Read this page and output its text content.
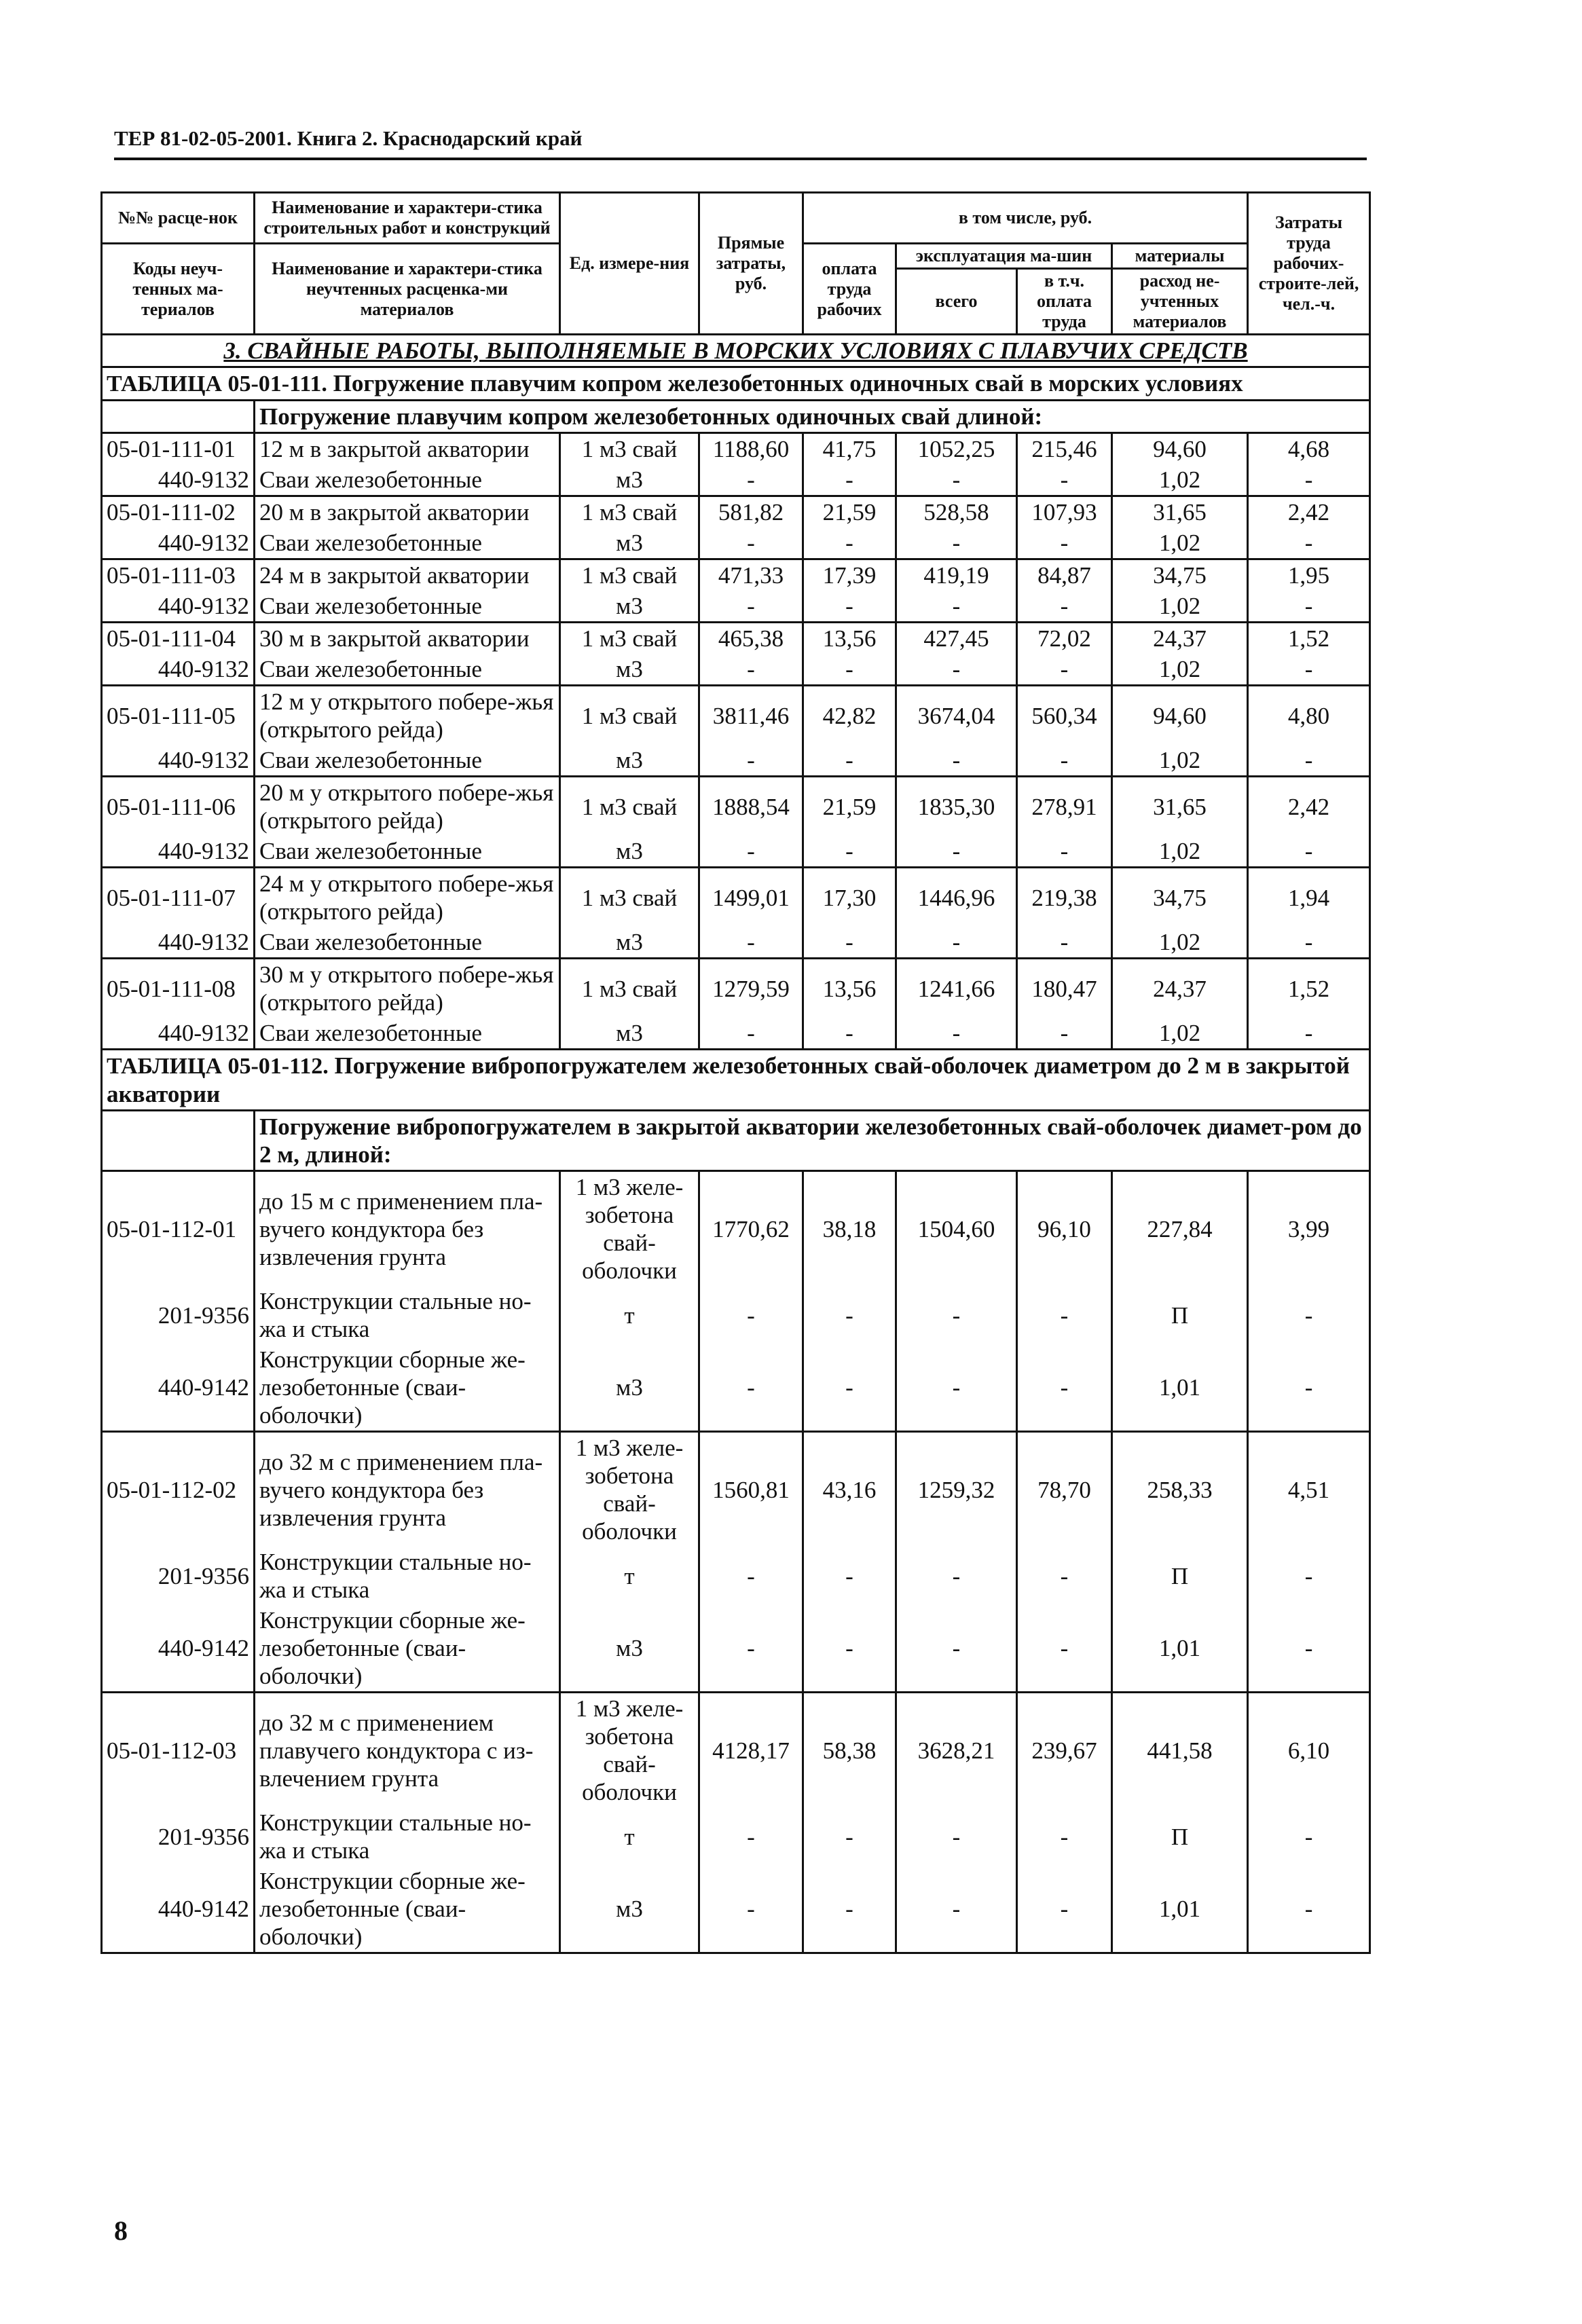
ТЕР 81-02-05-2001. Книга 2. Краснодарский край
№№ расце-нок	Наименование и характери-стика строительных работ и конструкций	Ед. измере-ния	Прямые затраты, руб.	в том числе, руб.				Затраты труда рабочих-строите-лей, чел.-ч.
Коды неуч-тенных ма-териалов	Наименование и характери-стика неучтенных расценка-ми материалов			оплата труда рабочих	эксплуатация ма-шин		материалы	
					всего	в т.ч. оплата труда		
							расход не-учтенных материалов	
3. СВАЙНЫЕ РАБОТЫ, ВЫПОЛНЯЕМЫЕ В МОРСКИХ УСЛОВИЯХ С ПЛАВУЧИХ СРЕДСТВ								
ТАБЛИЦА 05-01-111. Погружение плавучим копром железобетонных одиночных свай в морских условиях								
	Погружение плавучим копром железобетонных одиночных свай длиной:							
05-01-111-01	12 м в закрытой акватории	1 м3 свай	1188,60	41,75	1052,25	215,46	94,60	4,68
440-9132	Сваи железобетонные	м3	-	-	-	-	1,02	-
05-01-111-02	20 м в закрытой акватории	1 м3 свай	581,82	21,59	528,58	107,93	31,65	2,42
440-9132	Сваи железобетонные	м3	-	-	-	-	1,02	-
05-01-111-03	24 м в закрытой акватории	1 м3 свай	471,33	17,39	419,19	84,87	34,75	1,95
440-9132	Сваи железобетонные	м3	-	-	-	-	1,02	-
05-01-111-04	30 м в закрытой акватории	1 м3 свай	465,38	13,56	427,45	72,02	24,37	1,52
440-9132	Сваи железобетонные	м3	-	-	-	-	1,02	-
05-01-111-05	12 м у открытого побере-жья (открытого рейда)	1 м3 свай	3811,46	42,82	3674,04	560,34	94,60	4,80
440-9132	Сваи железобетонные	м3	-	-	-	-	1,02	-
05-01-111-06	20 м у открытого побере-жья (открытого рейда)	1 м3 свай	1888,54	21,59	1835,30	278,91	31,65	2,42
440-9132	Сваи железобетонные	м3	-	-	-	-	1,02	-
05-01-111-07	24 м у открытого побере-жья (открытого рейда)	1 м3 свай	1499,01	17,30	1446,96	219,38	34,75	1,94
440-9132	Сваи железобетонные	м3	-	-	-	-	1,02	-
05-01-111-08	30 м у открытого побере-жья (открытого рейда)	1 м3 свай	1279,59	13,56	1241,66	180,47	24,37	1,52
440-9132	Сваи железобетонные	м3	-	-	-	-	1,02	-
ТАБЛИЦА 05-01-112. Погружение вибропогружателем железобетонных свай-оболочек диаметром до 2 м в закрытой акватории								
	Погружение вибропогружателем в закрытой акватории железобетонных свай-оболочек диамет-ром до 2 м, длиной:							
05-01-112-01	до 15 м с применением пла-вучего кондуктора без извлечения грунта	1 м3 желе-зобетона свай-оболочки	1770,62	38,18	1504,60	96,10	227,84	3,99
201-9356	Конструкции стальные но-жа и стыка	т	-	-	-	-	П	-
440-9142	Конструкции сборные же-лезобетонные (сваи-оболочки)	м3	-	-	-	-	1,01	-
05-01-112-02	до 32 м с применением пла-вучего кондуктора без извлечения грунта	1 м3 желе-зобетона свай-оболочки	1560,81	43,16	1259,32	78,70	258,33	4,51
201-9356	Конструкции стальные но-жа и стыка	т	-	-	-	-	П	-
440-9142	Конструкции сборные же-лезобетонные (сваи-оболочки)	м3	-	-	-	-	1,01	-
05-01-112-03	до 32 м с применением плавучего кондуктора с из-влечением грунта	1 м3 желе-зобетона свай-оболочки	4128,17	58,38	3628,21	239,67	441,58	6,10
201-9356	Конструкции стальные но-жа и стыка	т	-	-	-	-	П	-
440-9142	Конструкции сборные же-лезобетонные (сваи-оболочки)	м3	-	-	-	-	1,01	-
8
